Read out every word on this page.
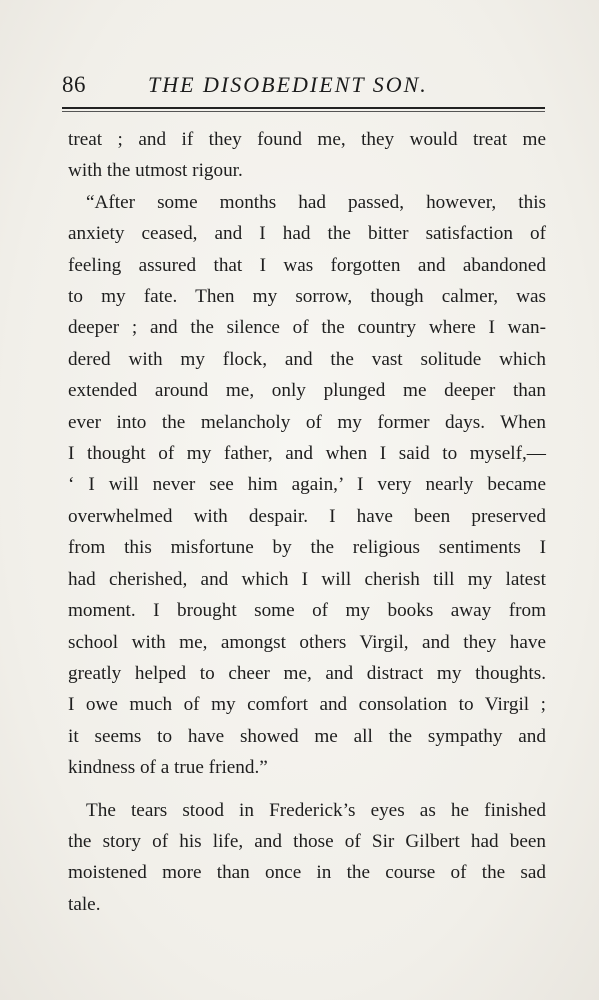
86	THE DISOBEDIENT SON.

treat ; and if they found me, they would treat me

with the utmost rigour.

“After some months had passed, however, this

anxiety ceased, and I had the bitter satisfaction of

feeling assured that I was forgotten and abandoned

to my fate. Then my sorrow, though calmer, was

deeper ; and the silence of the country where I wan-

dered with my flock, and the vast solitude which

extended around me, only plunged me deeper than

ever into the melancholy of my former days. When

I thought of my father, and when I said to myself,—

‘ I will never see him again,’ I very nearly became

overwhelmed with despair. I have been preserved

from this misfortune by the religious sentiments I

had cherished, and which I will cherish till my latest

moment. I brought some of my books away from

school with me, amongst others Virgil, and they have

greatly helped to cheer me, and distract my thoughts.

I owe much of my comfort and consolation to Virgil ;

it seems to have showed me all the sympathy and

kindness of a true friend.”

The tears stood in Frederick’s eyes as he finished

the story of his life, and those of Sir Gilbert had been

moistened more than once in the course of the sad

tale.
